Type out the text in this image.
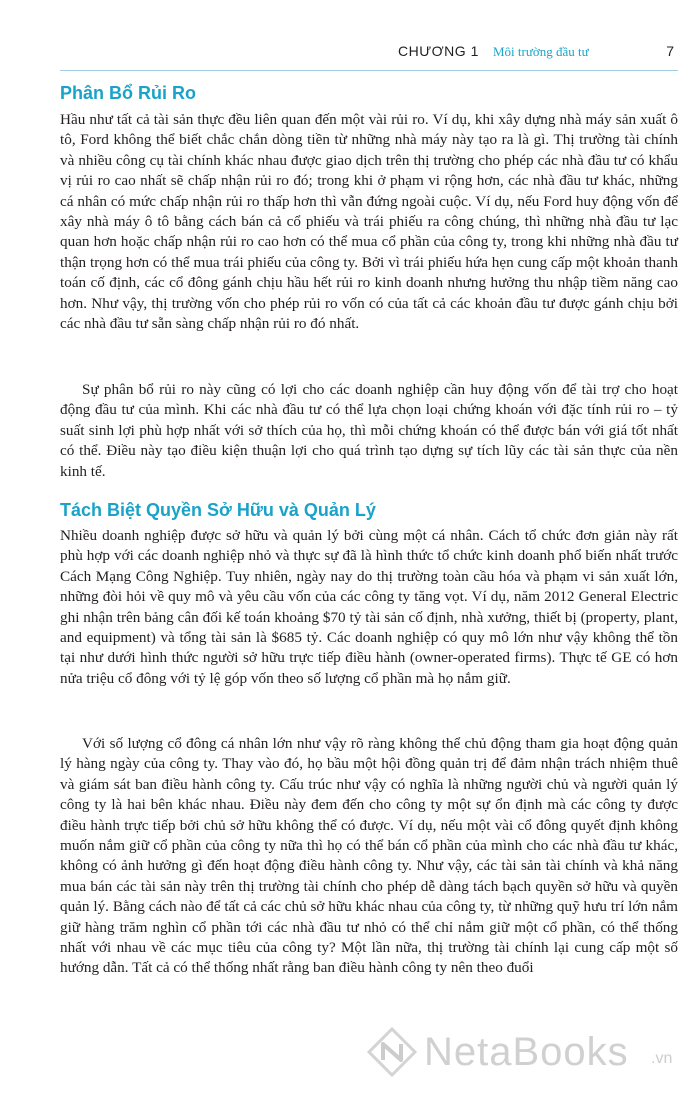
CHƯƠNG 1 Môi trường đầu tư	7
Phân Bổ Rủi Ro

Hầu như tất cả tài sản thực đều liên quan đến một vài rủi ro. Ví dụ, khi xây dựng nhà máy sản xuất ô tô, Ford không thể biết chắc chắn dòng tiền từ những nhà máy này tạo ra là gì. Thị trường tài chính và nhiều công cụ tài chính khác nhau được giao dịch trên thị trường cho phép các nhà đầu tư có khẩu vị rủi ro cao nhất sẽ chấp nhận rủi ro đó; trong khi ở phạm vi rộng hơn, các nhà đầu tư khác, những cá nhân có mức chấp nhận rủi ro thấp hơn thì vẫn đứng ngoài cuộc. Ví dụ, nếu Ford huy động vốn để xây nhà máy ô tô bằng cách bán cả cổ phiếu và trái phiếu ra công chúng, thì những nhà đầu tư lạc quan hơn hoặc chấp nhận rủi ro cao hơn có thể mua cổ phần của công ty, trong khi những nhà đầu tư thận trọng hơn có thể mua trái phiếu của công ty. Bởi vì trái phiếu hứa hẹn cung cấp một khoản thanh toán cố định, các cổ đông gánh chịu hầu hết rủi ro kinh doanh nhưng hưởng thu nhập tiềm năng cao hơn. Như vậy, thị trường vốn cho phép rủi ro vốn có của tất cả các khoản đầu tư được gánh chịu bởi các nhà đầu tư sẵn sàng chấp nhận rủi ro đó nhất.

Sự phân bổ rủi ro này cũng có lợi cho các doanh nghiệp cần huy động vốn để tài trợ cho hoạt động đầu tư của mình. Khi các nhà đầu tư có thể lựa chọn loại chứng khoán với đặc tính rủi ro – tỷ suất sinh lợi phù hợp nhất với sở thích của họ, thì mỗi chứng khoán có thể được bán với giá tốt nhất có thể. Điều này tạo điều kiện thuận lợi cho quá trình tạo dựng sự tích lũy các tài sản thực của nền kinh tế.

Tách Biệt Quyền Sở Hữu và Quản Lý

Nhiều doanh nghiệp được sở hữu và quản lý bởi cùng một cá nhân. Cách tổ chức đơn giản này rất phù hợp với các doanh nghiệp nhỏ và thực sự đã là hình thức tổ chức kinh doanh phổ biến nhất trước Cách Mạng Công Nghiệp. Tuy nhiên, ngày nay do thị trường toàn cầu hóa và phạm vi sản xuất lớn, những đòi hỏi về quy mô và yêu cầu vốn của các công ty tăng vọt. Ví dụ, năm 2012 General Electric ghi nhận trên bảng cân đối kế toán khoảng $70 tỷ tài sản cố định, nhà xưởng, thiết bị (property, plant, and equipment) và tổng tài sản là $685 tỷ. Các doanh nghiệp có quy mô lớn như vậy không thể tồn tại như dưới hình thức người sở hữu trực tiếp điều hành (owner-operated firms). Thực tế GE có hơn nửa triệu cổ đông với tỷ lệ góp vốn theo số lượng cổ phần mà họ nắm giữ.

Với số lượng cổ đông cá nhân lớn như vậy rõ ràng không thể chủ động tham gia hoạt động quản lý hàng ngày của công ty. Thay vào đó, họ bầu một hội đồng quản trị để đảm nhận trách nhiệm thuê và giám sát ban điều hành công ty. Cấu trúc như vậy có nghĩa là những người chủ và người quản lý công ty là hai bên khác nhau. Điều này đem đến cho công ty một sự ổn định mà các công ty được điều hành trực tiếp bởi chủ sở hữu không thể có được. Ví dụ, nếu một vài cổ đông quyết định không muốn nắm giữ cổ phần của công ty nữa thì họ có thể bán cổ phần của mình cho các nhà đầu tư khác, không có ảnh hưởng gì đến hoạt động điều hành công ty. Như vậy, các tài sản tài chính và khả năng mua bán các tài sản này trên thị trường tài chính cho phép dễ dàng tách bạch quyền sở hữu và quyền quản lý. Bằng cách nào để tất cả các chủ sở hữu khác nhau của công ty, từ những quỹ hưu trí lớn nắm giữ hàng trăm nghìn cổ phần tới các nhà đầu tư nhỏ có thể chỉ nắm giữ một cổ phần, có thể thống nhất với nhau về các mục tiêu của công ty? Một lần nữa, thị trường tài chính lại cung cấp một số hướng dẫn. Tất cả có thể thống nhất rằng ban điều hành công ty nên theo đuổi

NetaBooks .vn
